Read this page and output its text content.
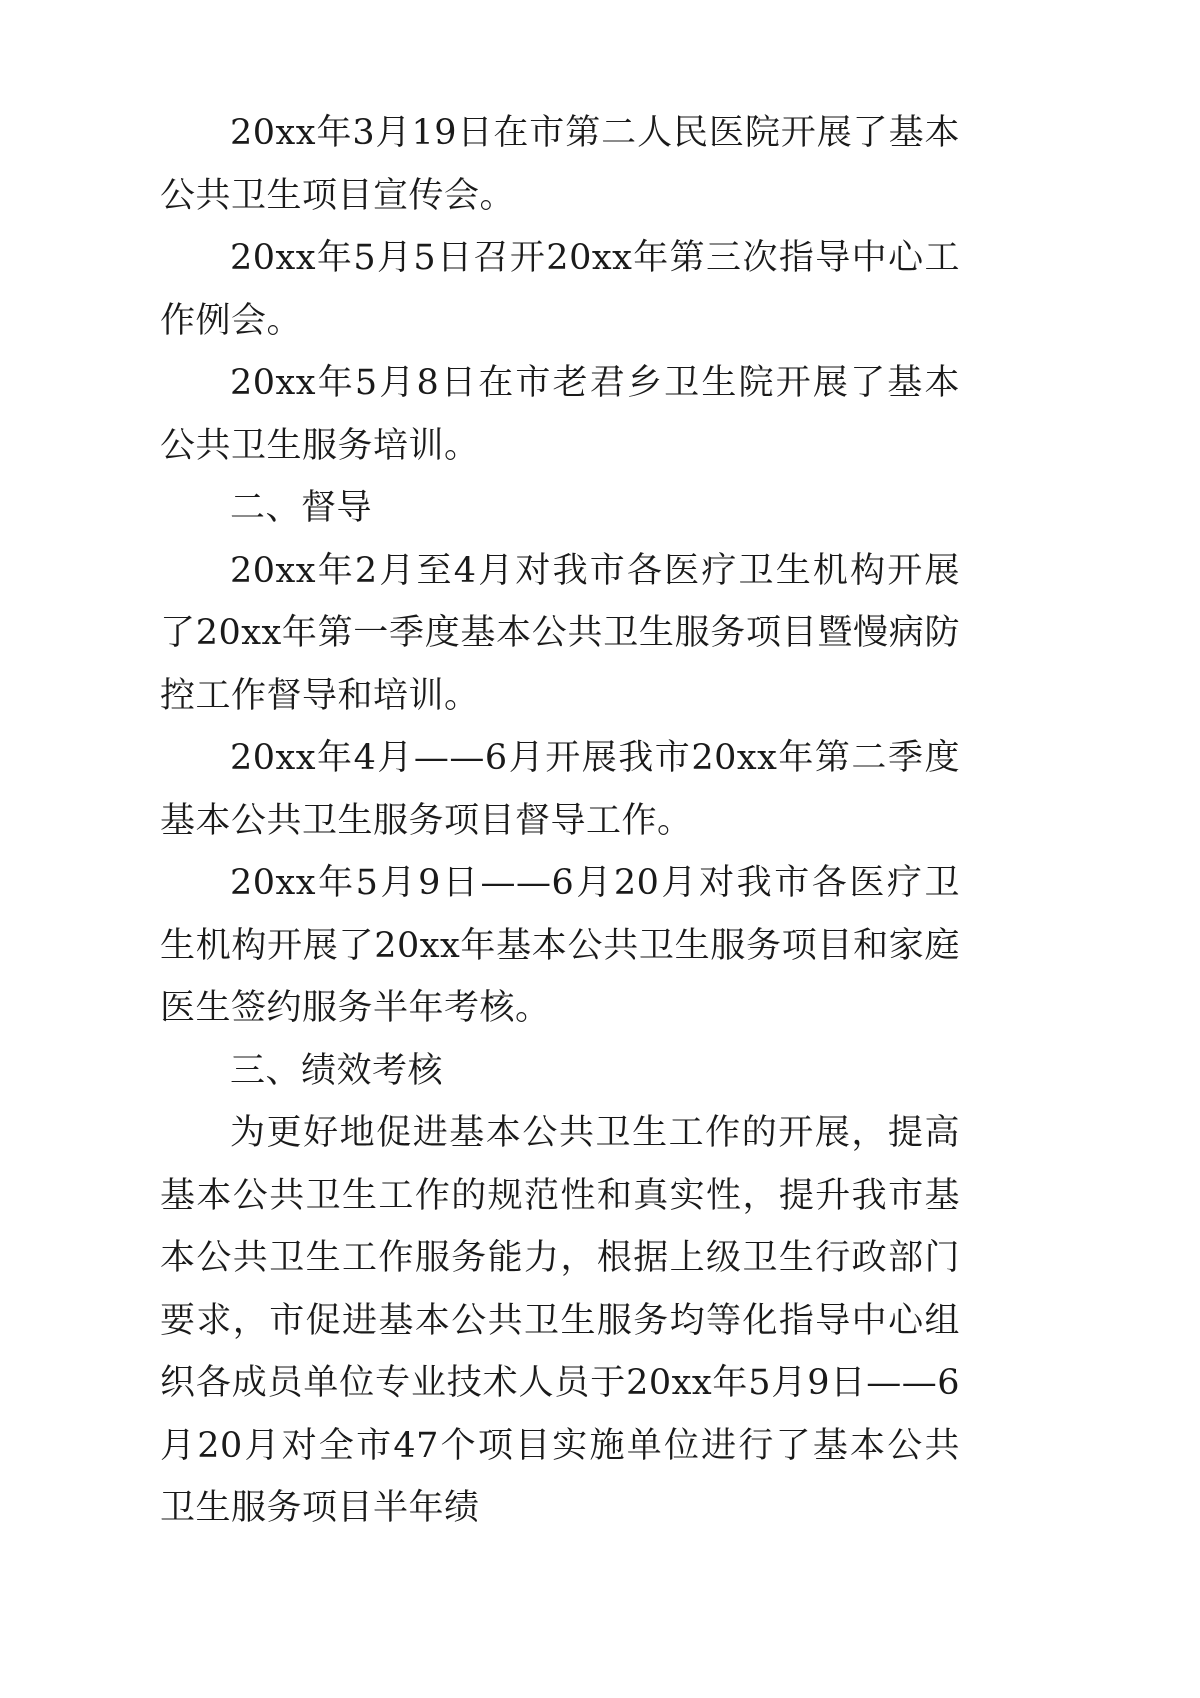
20xx年3月19日在市第二人民医院开展了基本公共卫生项目宣传会。

20xx年5月5日召开20xx年第三次指导中心工作例会。

20xx年5月8日在市老君乡卫生院开展了基本公共卫生服务培训。

二、督导

20xx年2月至4月对我市各医疗卫生机构开展了20xx年第一季度基本公共卫生服务项目暨慢病防控工作督导和培训。

20xx年4月——6月开展我市20xx年第二季度基本公共卫生服务项目督导工作。

20xx年5月9日——6月20月对我市各医疗卫生机构开展了20xx年基本公共卫生服务项目和家庭医生签约服务半年考核。

三、绩效考核

为更好地促进基本公共卫生工作的开展，提高基本公共卫生工作的规范性和真实性，提升我市基本公共卫生工作服务能力，根据上级卫生行政部门要求，市促进基本公共卫生服务均等化指导中心组织各成员单位专业技术人员于20xx年5月9日——6月20月对全市47个项目实施单位进行了基本公共卫生服务项目半年绩
